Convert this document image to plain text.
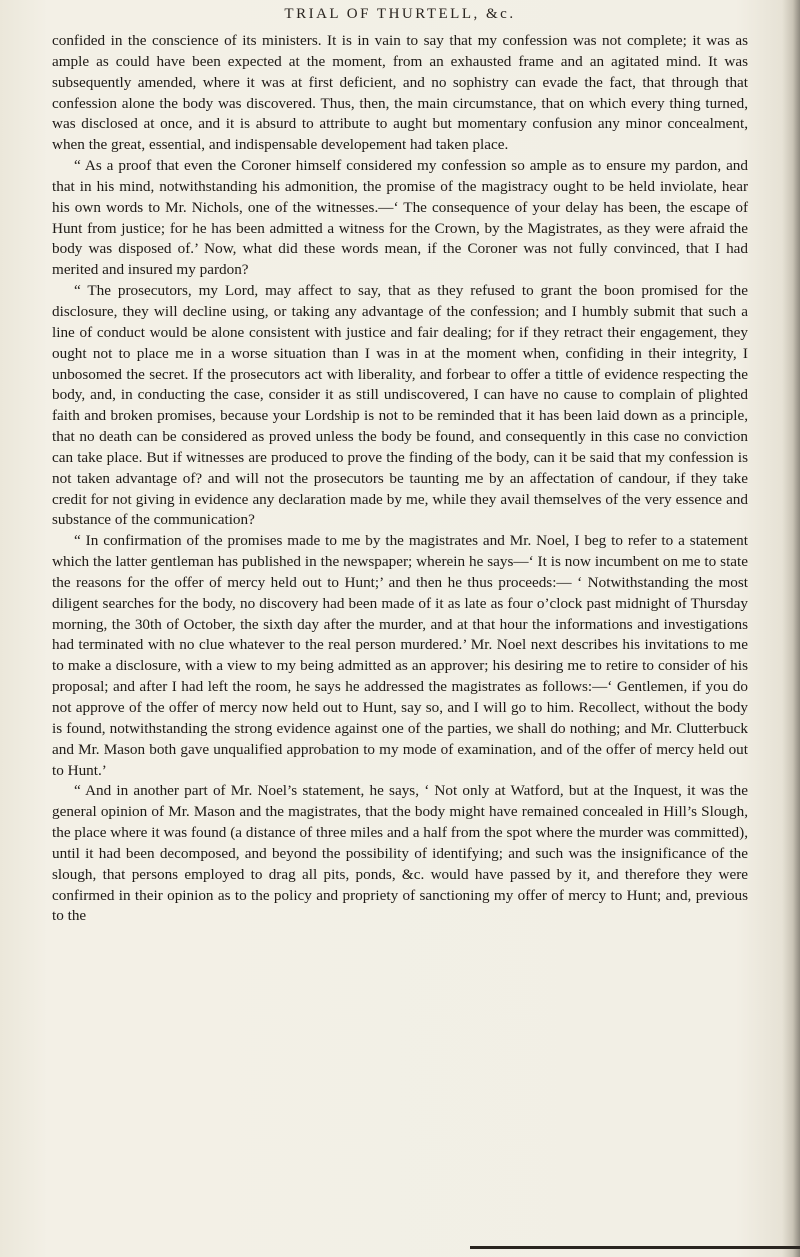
TRIAL OF THURTELL, &c.

confided in the conscience of its ministers. It is in vain to say that my confession was not complete; it was as ample as could have been expected at the moment, from an exhausted frame and an agitated mind. It was subsequently amended, where it was at first deficient, and no sophistry can evade the fact, that through that confession alone the body was discovered. Thus, then, the main circumstance, that on which every thing turned, was disclosed at once, and it is absurd to attribute to aught but momentary confusion any minor concealment, when the great, essential, and indispensable developement had taken place.

“ As a proof that even the Coroner himself considered my confession so ample as to ensure my pardon, and that in his mind, notwithstanding his admonition, the promise of the magistracy ought to be held inviolate, hear his own words to Mr. Nichols, one of the witnesses.—‘ The consequence of your delay has been, the escape of Hunt from justice; for he has been admitted a witness for the Crown, by the Magistrates, as they were afraid the body was disposed of.’ Now, what did these words mean, if the Coroner was not fully convinced, that I had merited and insured my pardon?

“ The prosecutors, my Lord, may affect to say, that as they refused to grant the boon promised for the disclosure, they will decline using, or taking any advantage of the confession; and I humbly submit that such a line of conduct would be alone consistent with justice and fair dealing; for if they retract their engagement, they ought not to place me in a worse situation than I was in at the moment when, confiding in their integrity, I unbosomed the secret. If the prosecutors act with liberality, and forbear to offer a tittle of evidence respecting the body, and, in conducting the case, consider it as still undiscovered, I can have no cause to complain of plighted faith and broken promises, because your Lordship is not to be reminded that it has been laid down as a principle, that no death can be considered as proved unless the body be found, and consequently in this case no conviction can take place. But if witnesses are produced to prove the finding of the body, can it be said that my confession is not taken advantage of? and will not the prosecutors be taunting me by an affectation of candour, if they take credit for not giving in evidence any declaration made by me, while they avail themselves of the very essence and substance of the communication?

“ In confirmation of the promises made to me by the magistrates and Mr. Noel, I beg to refer to a statement which the latter gentleman has published in the newspaper; wherein he says—‘ It is now incumbent on me to state the reasons for the offer of mercy held out to Hunt;’ and then he thus proceeds:— ‘ Notwithstanding the most diligent searches for the body, no discovery had been made of it as late as four o’clock past midnight of Thursday morning, the 30th of October, the sixth day after the murder, and at that hour the informations and investigations had terminated with no clue whatever to the real person murdered.’ Mr. Noel next describes his invitations to me to make a disclosure, with a view to my being admitted as an approver; his desiring me to retire to consider of his proposal; and after I had left the room, he says he addressed the magistrates as follows:—‘ Gentlemen, if you do not approve of the offer of mercy now held out to Hunt, say so, and I will go to him. Recollect, without the body is found, notwithstanding the strong evidence against one of the parties, we shall do nothing; and Mr. Clutterbuck and Mr. Mason both gave unqualified approbation to my mode of examination, and of the offer of mercy held out to Hunt.’

“ And in another part of Mr. Noel’s statement, he says, ‘ Not only at Watford, but at the Inquest, it was the general opinion of Mr. Mason and the magistrates, that the body might have remained concealed in Hill’s Slough, the place where it was found (a distance of three miles and a half from the spot where the murder was committed), until it had been decomposed, and beyond the possibility of identifying; and such was the insignificance of the slough, that persons employed to drag all pits, ponds, &c. would have passed by it, and therefore they were confirmed in their opinion as to the policy and propriety of sanctioning my offer of mercy to Hunt; and, previous to the
